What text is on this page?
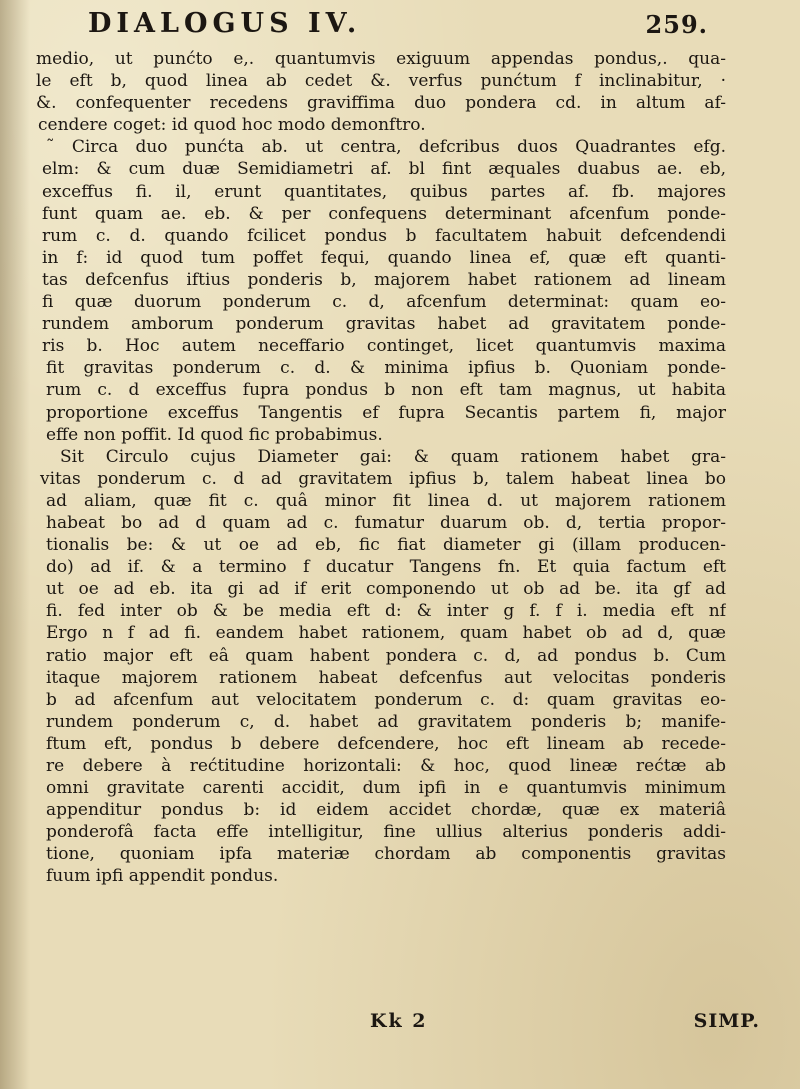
DIALOGUS IV.	259.
medio, ut punćto e,. quantumvis exiguum appendas pondus,. qua-
le eft b, quod linea ab cedet &. verfus punćtum f inclinabitur, ·
&. confequenter recedens graviffima duo pondera cd. in altum af-
cendere coget: id quod hoc modo demonftro.
˜ Circa duo punćta ab. ut centra, defcribus duos Quadrantes efg.
elm: & cum duæ Semidiametri af. bl fint æquales duabus ae. eb,
exceffus fi. il, erunt quantitates, quibus partes af. fb. majores
funt quam ae. eb. & per confequens determinant afcenfum ponde-
rum c. d. quando fcilicet pondus b facultatem habuit defcendendi
in f: id quod tum poffet fequi, quando linea ef, quæ eft quanti-
tas defcenfus iftius ponderis b, majorem habet rationem ad lineam
fi quæ duorum ponderum c. d, afcenfum determinat: quam eo-
rundem amborum ponderum gravitas habet ad gravitatem ponde-
ris b. Hoc autem neceffario continget, licet quantumvis maxima
fit gravitas ponderum c. d. & minima ipfius b. Quoniam ponde-
rum c. d exceffus fupra pondus b non eft tam magnus, ut habita
proportione exceffus Tangentis ef fupra Secantis partem fi, major
effe non poffit. Id quod fic probabimus.
Sit Circulo cujus Diameter gai: & quam rationem habet gra-
vitas ponderum c. d ad gravitatem ipfius b, talem habeat linea bo
ad aliam, quæ fit c. quâ minor fit linea d. ut majorem rationem
habeat bo ad d quam ad c. fumatur duarum ob. d, tertia propor-
tionalis be: & ut oe ad eb, fic fiat diameter gi (illam producen-
do) ad if. & a termino f ducatur Tangens fn. Et quia factum eft
ut oe ad eb. ita gi ad if erit componendo ut ob ad be. ita gf ad
fi. fed inter ob & be media eft d: & inter g f. f i. media eft nf
Ergo n f ad fi. eandem habet rationem, quam habet ob ad d, quæ
ratio major eft eâ quam habent pondera c. d, ad pondus b. Cum
itaque majorem rationem habeat defcenfus aut velocitas ponderis
b ad afcenfum aut velocitatem ponderum c. d: quam gravitas eo-
rundem ponderum c, d. habet ad gravitatem ponderis b; manife-
ftum eft, pondus b debere defcendere, hoc eft lineam ab recede-
re debere à rećtitudine horizontali: & hoc, quod lineæ rećtæ ab
omni gravitate carenti accidit, dum ipfi in e quantumvis minimum
appenditur pondus b: id eidem accidet chordæ, quæ ex materiâ
ponderofâ facta effe intelligitur, fine ullius alterius ponderis addi-
tione, quoniam ipfa materiæ chordam ab componentis gravitas
fuum ipfi appendit pondus.
Kk 2	SIMP.
